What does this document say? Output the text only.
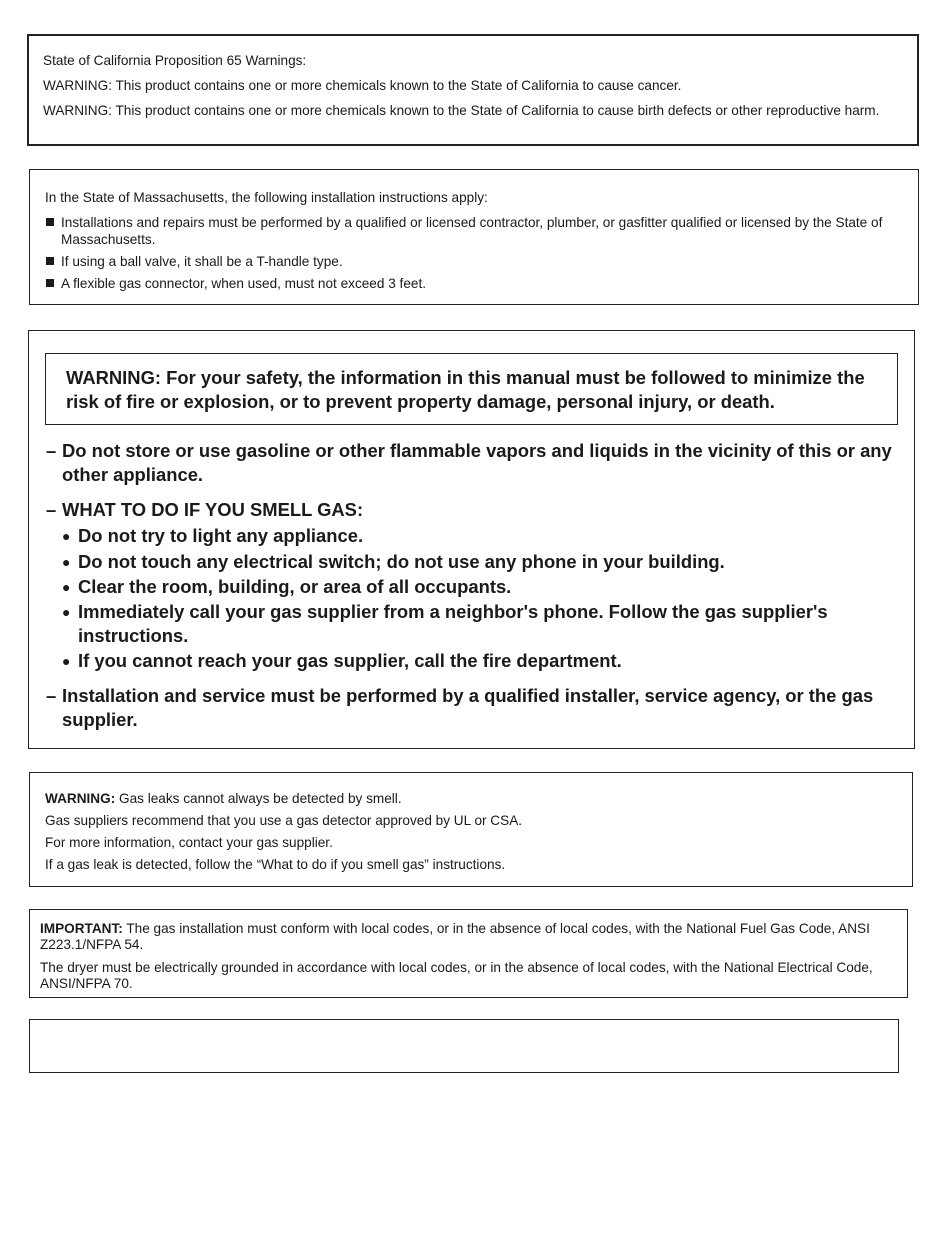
State of California Proposition 65 Warnings:

WARNING: This product contains one or more chemicals known to the State of California to cause cancer.

WARNING: This product contains one or more chemicals known to the State of California to cause birth defects or other reproductive harm.

In the State of Massachusetts, the following installation instructions apply:

Installations and repairs must be performed by a qualified or licensed contractor, plumber, or gasfitter qualified or licensed by the State of Massachusetts.

If using a ball valve, it shall be a T-handle type.

A flexible gas connector, when used, must not exceed 3 feet.

WARNING: For your safety, the information in this manual must be followed to minimize the risk of fire or explosion, or to prevent property damage, personal injury, or death.

– Do not store or use gasoline or other flammable vapors and liquids in the vicinity of this or any other appliance.

– WHAT TO DO IF YOU SMELL GAS:

● Do not try to light any appliance.

● Do not touch any electrical switch; do not use any phone in your building.

● Clear the room, building, or area of all occupants.

● Immediately call your gas supplier from a neighbor's phone. Follow the gas supplier's instructions.

● If you cannot reach your gas supplier, call the fire department.

– Installation and service must be performed by a qualified installer, service agency, or the gas supplier.

WARNING: Gas leaks cannot always be detected by smell.

Gas suppliers recommend that you use a gas detector approved by UL or CSA.

For more information, contact your gas supplier.

If a gas leak is detected, follow the “What to do if you smell gas” instructions.

IMPORTANT: The gas installation must conform with local codes, or in the absence of local codes, with the National Fuel Gas Code, ANSI Z223.1/NFPA 54.

The dryer must be electrically grounded in accordance with local codes, or in the absence of local codes, with the National Electrical Code, ANSI/NFPA 70.
